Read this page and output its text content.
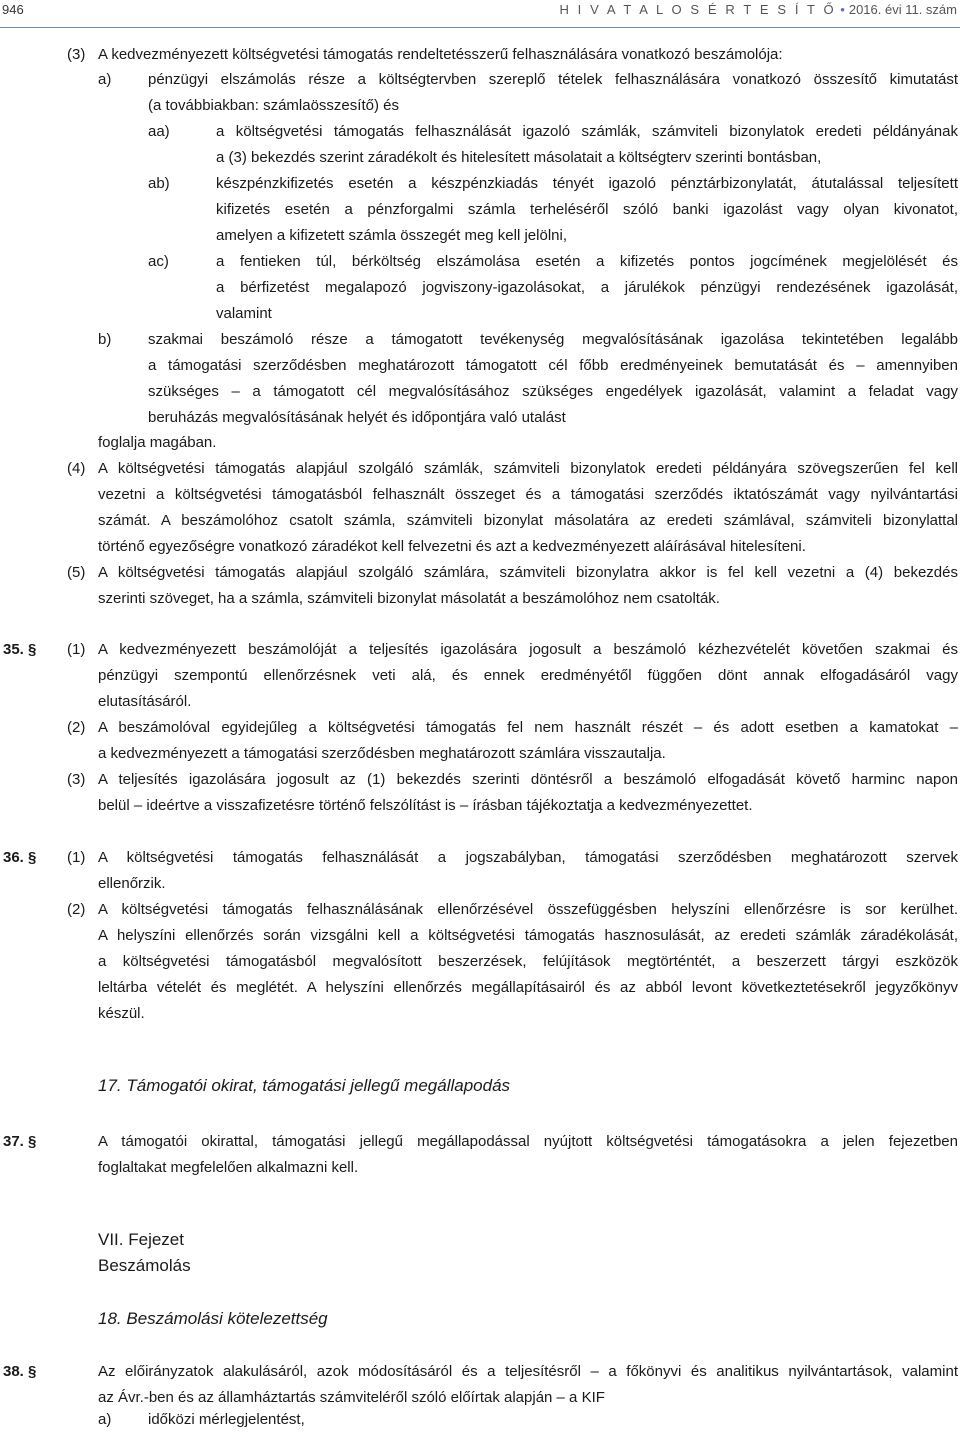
946	H I V A T A L O S É R T E S Í T Ő • 2016. évi 11. szám
(3) A kedvezményezett költségvetési támogatás rendeltetésszerű felhasználására vonatkozó beszámolója:
a) pénzügyi elszámolás része a költségtervben szereplő tételek felhasználására vonatkozó összesítő kimutatást
(a továbbiakban: számlaösszesítő) és
aa)	a költségvetési támogatás felhasználását igazoló számlák, számviteli bizonylatok eredeti példányának
a (3) bekezdés szerint záradékolt és hitelesített másolatait a költségterv szerinti bontásban,
ab)	készpénzkifizetés esetén a készpénzkiadás tényét igazoló pénztárbizonylatát, átutalással teljesített
kifizetés esetén a pénzforgalmi számla terheléséről szóló banki igazolást vagy olyan kivonatot,
amelyen a kifizetett számla összegét meg kell jelölni,
ac)	a fentieken túl, bérköltség elszámolása esetén a kifizetés pontos jogcímének megjelölését és
a bérfizetést megalapozó jogviszony-igazolásokat, a járulékok pénzügyi rendezésének igazolását,
valamint
b) szakmai beszámoló része a támogatott tevékenység megvalósításának igazolása tekintetében legalább
a támogatási szerződésben meghatározott támogatott cél főbb eredményeinek bemutatását és – amennyiben
szükséges – a támogatott cél megvalósításához szükséges engedélyek igazolását, valamint a feladat vagy
beruházás megvalósításának helyét és időpontjára való utalást
foglalja magában.
(4) A költségvetési támogatás alapjául szolgáló számlák, számviteli bizonylatok eredeti példányára szövegszerűen fel kell
vezetni a költségvetési támogatásból felhasznált összeget és a támogatási szerződés iktatószámát vagy nyilvántartási
számát. A beszámolóhoz csatolt számla, számviteli bizonylat másolatára az eredeti számlával, számviteli bizonylattal
történő egyezőségre vonatkozó záradékot kell felvezetni és azt a kedvezményezett aláírásával hitelesíteni.
(5) A költségvetési támogatás alapjául szolgáló számlára, számviteli bizonylatra akkor is fel kell vezetni a (4) bekezdés
szerinti szöveget, ha a számla, számviteli bizonylat másolatát a beszámolóhoz nem csatolták.
35. § (1) A kedvezményezett beszámolóját a teljesítés igazolására jogosult a beszámoló kézhezvételét követően szakmai és
pénzügyi szempontú ellenőrzésnek veti alá, és ennek eredményétől függően dönt annak elfogadásáról vagy
elutasításáról.
(2) A beszámolóval egyidejűleg a költségvetési támogatás fel nem használt részét – és adott esetben a kamatokat –
a kedvezményezett a támogatási szerződésben meghatározott számlára visszautalja.
(3) A teljesítés igazolására jogosult az (1) bekezdés szerinti döntésről a beszámoló elfogadását követő harminc napon
belül – ideértve a visszafizetésre történő felszólítást is – írásban tájékoztatja a kedvezményezettet.
36. § (1) A költségvetési támogatás felhasználását a jogszabályban, támogatási szerződésben meghatározott szervek
ellenőrzik.
(2) A költségvetési támogatás felhasználásának ellenőrzésével összefüggésben helyszíni ellenőrzésre is sor kerülhet.
A helyszíni ellenőrzés során vizsgálni kell a költségvetési támogatás hasznosulását, az eredeti számlák záradékolását,
a költségvetési támogatásból megvalósított beszerzések, felújítások megtörténtét, a beszerzett tárgyi eszközök
leltárba vételét és meglétét. A helyszíni ellenőrzés megállapításairól és az abból levont következtetésekről jegyzőkönyv
készül.
17. Támogatói okirat, támogatási jellegű megállapodás
37. §	A támogatói okirattal, támogatási jellegű megállapodással nyújtott költségvetési támogatásokra a jelen fejezetben
foglaltakat megfelelően alkalmazni kell.
VII. Fejezet
Beszámolás
18. Beszámolási kötelezettség
38. §	Az előirányzatok alakulásáról, azok módosításáról és a teljesítésről – a főkönyvi és analitikus nyilvántartások, valamint
az Ávr.-ben és az államháztartás számviteléről szóló előírtak alapján – a KIF
a) időközi mérlegjelentést,
